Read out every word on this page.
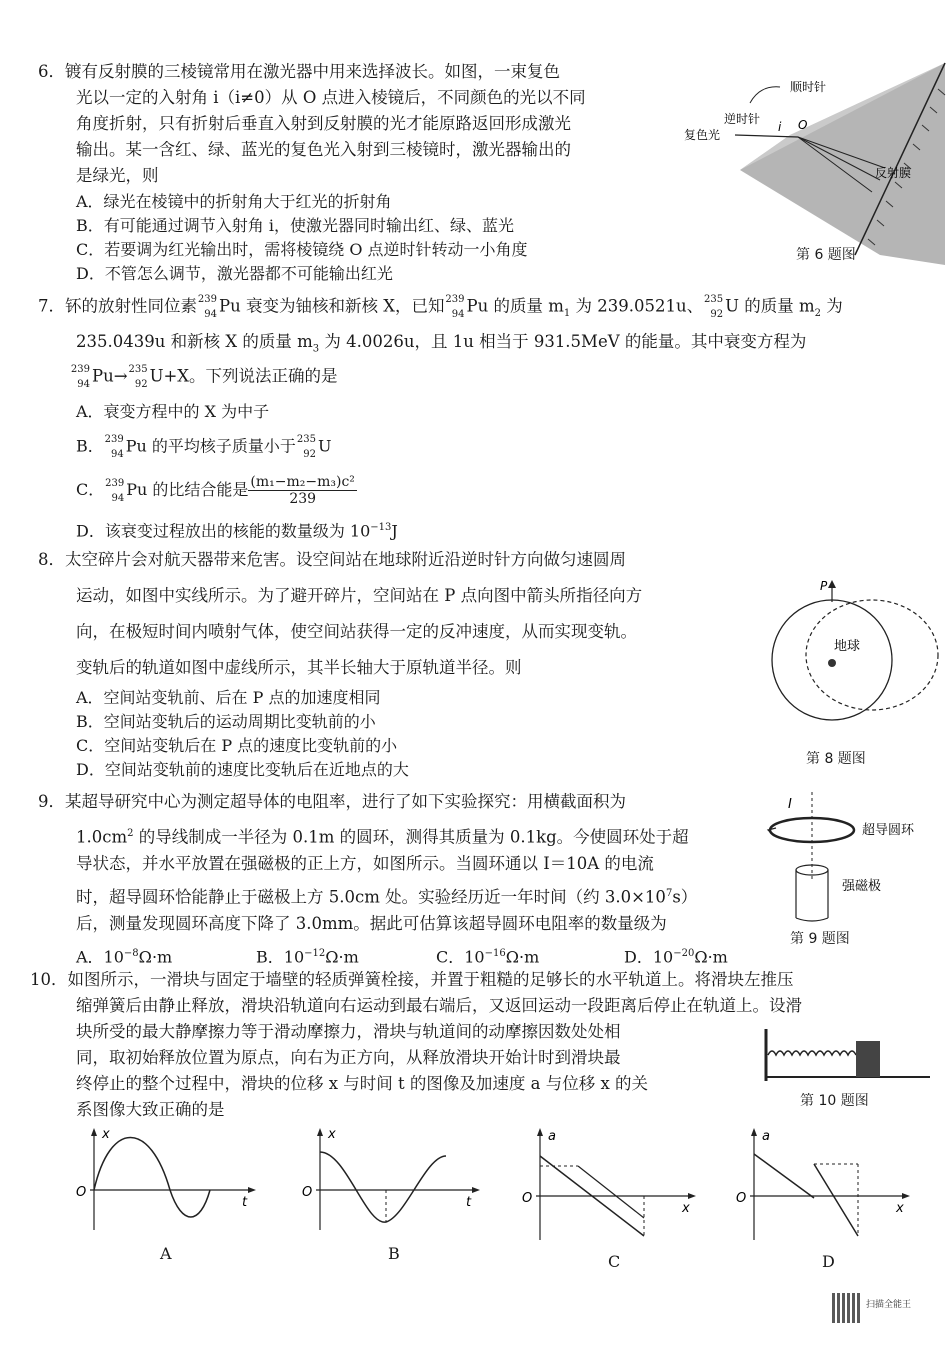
6．镀有反射膜的三棱镜常用在激光器中用来选择波长。如图，一束复色
光以一定的入射角 i（i≠0）从 O 点进入棱镜后，不同颜色的光以不同
角度折射，只有折射后垂直入射到反射膜的光才能原路返回形成激光
输出。某一含红、绿、蓝光的复色光入射到三棱镜时，激光器输出的
是绿光，则
A．绿光在棱镜中的折射角大于红光的折射角
B．有可能通过调节入射角 i，使激光器同时输出红、绿、蓝光
C．若要调为红光输出时，需将棱镜绕 O 点逆时针转动一小角度
D．不管怎么调节，激光器都不可能输出红光
顺时针
逆时针
复色光
i O
反射膜
第 6 题图
7．钚的放射性同位素 239
94 Pu 衰变为铀核和新核 X，已知 239
94 Pu 的质量 $m_1$ 为 239.0521u、 235
92 U 的质量 $m_2$ 为
235.0439u 和新核 X 的质量 $m_3$ 为 4.0026u，且 1u 相当于 931.5MeV 的能量。其中衰变方程为
239
94 Pu→ 235
92 U+X。下列说法正确的是
A．衰变方程中的 X 为中子
B． 239
94 Pu 的平均核子质量小于 235
92 U
C． 239
94 Pu 的比结合能是 $\frac{\text{(m₁−m₂−m₃)c²}}{239}$
D．该衰变过程放出的核能的数量级为 $10^{-13}J$
8．太空碎片会对航天器带来危害。设空间站在地球附近沿逆时针方向做匀速圆周
运动，如图中实线所示。为了避开碎片，空间站在 P 点向图中箭头所指径向方
向，在极短时间内喷射气体，使空间站获得一定的反冲速度，从而实现变轨。
变轨后的轨道如图中虚线所示，其半长轴大于原轨道半径。则
A．空间站变轨前、后在 P 点的加速度相同
B．空间站变轨后的运动周期比变轨前的小
C．空间站变轨后在 P 点的速度比变轨前的小
D．空间站变轨前的速度比变轨后在近地点的大
P
地球
第 8 题图
9．某超导研究中心为测定超导体的电阻率，进行了如下实验探究：用横截面积为
$1.0cm^2$ 的导线制成一半径为 0.1m 的圆环，测得其质量为 0.1kg。今使圆环处于超
导状态，并水平放置在强磁极的正上方，如图所示。当圆环通以 I＝10A 的电流
时，超导圆环恰能静止于磁极上方 5.0cm 处。实验经历近一年时间（约 $3.0\times 10^7s$）
后，测量发现圆环高度下降了 3.0mm。据此可估算该超导圆环电阻率的数量级为
A．$10^{-8}\Omega\cdot m$	B．$10^{-12}\Omega\cdot m$	C．$10^{-16}\Omega\cdot m$	D．$10^{-20}\Omega\cdot m$
I
超导圆环
强磁极
第 9 题图
10．如图所示，一滑块与固定于墙壁的轻质弹簧栓接，并置于粗糙的足够长的水平轨道上。将滑块左推压
缩弹簧后由静止释放，滑块沿轨道向右运动到最右端后，又返回运动一段距离后停止在轨道上。设滑
块所受的最大静摩擦力等于滑动摩擦力，滑块与轨道间的动摩擦因数处处相
同，取初始释放位置为原点，向右为正方向，从释放滑块开始计时到滑块最
终停止的整个过程中，滑块的位移 x 与时间 t 的图像及加速度 a 与位移 x 的关
系图像大致正确的是	第 10 题图
x
t
O
A
x
t
O
B
a
x
O
C
a
x
O
D
扫描全能王
